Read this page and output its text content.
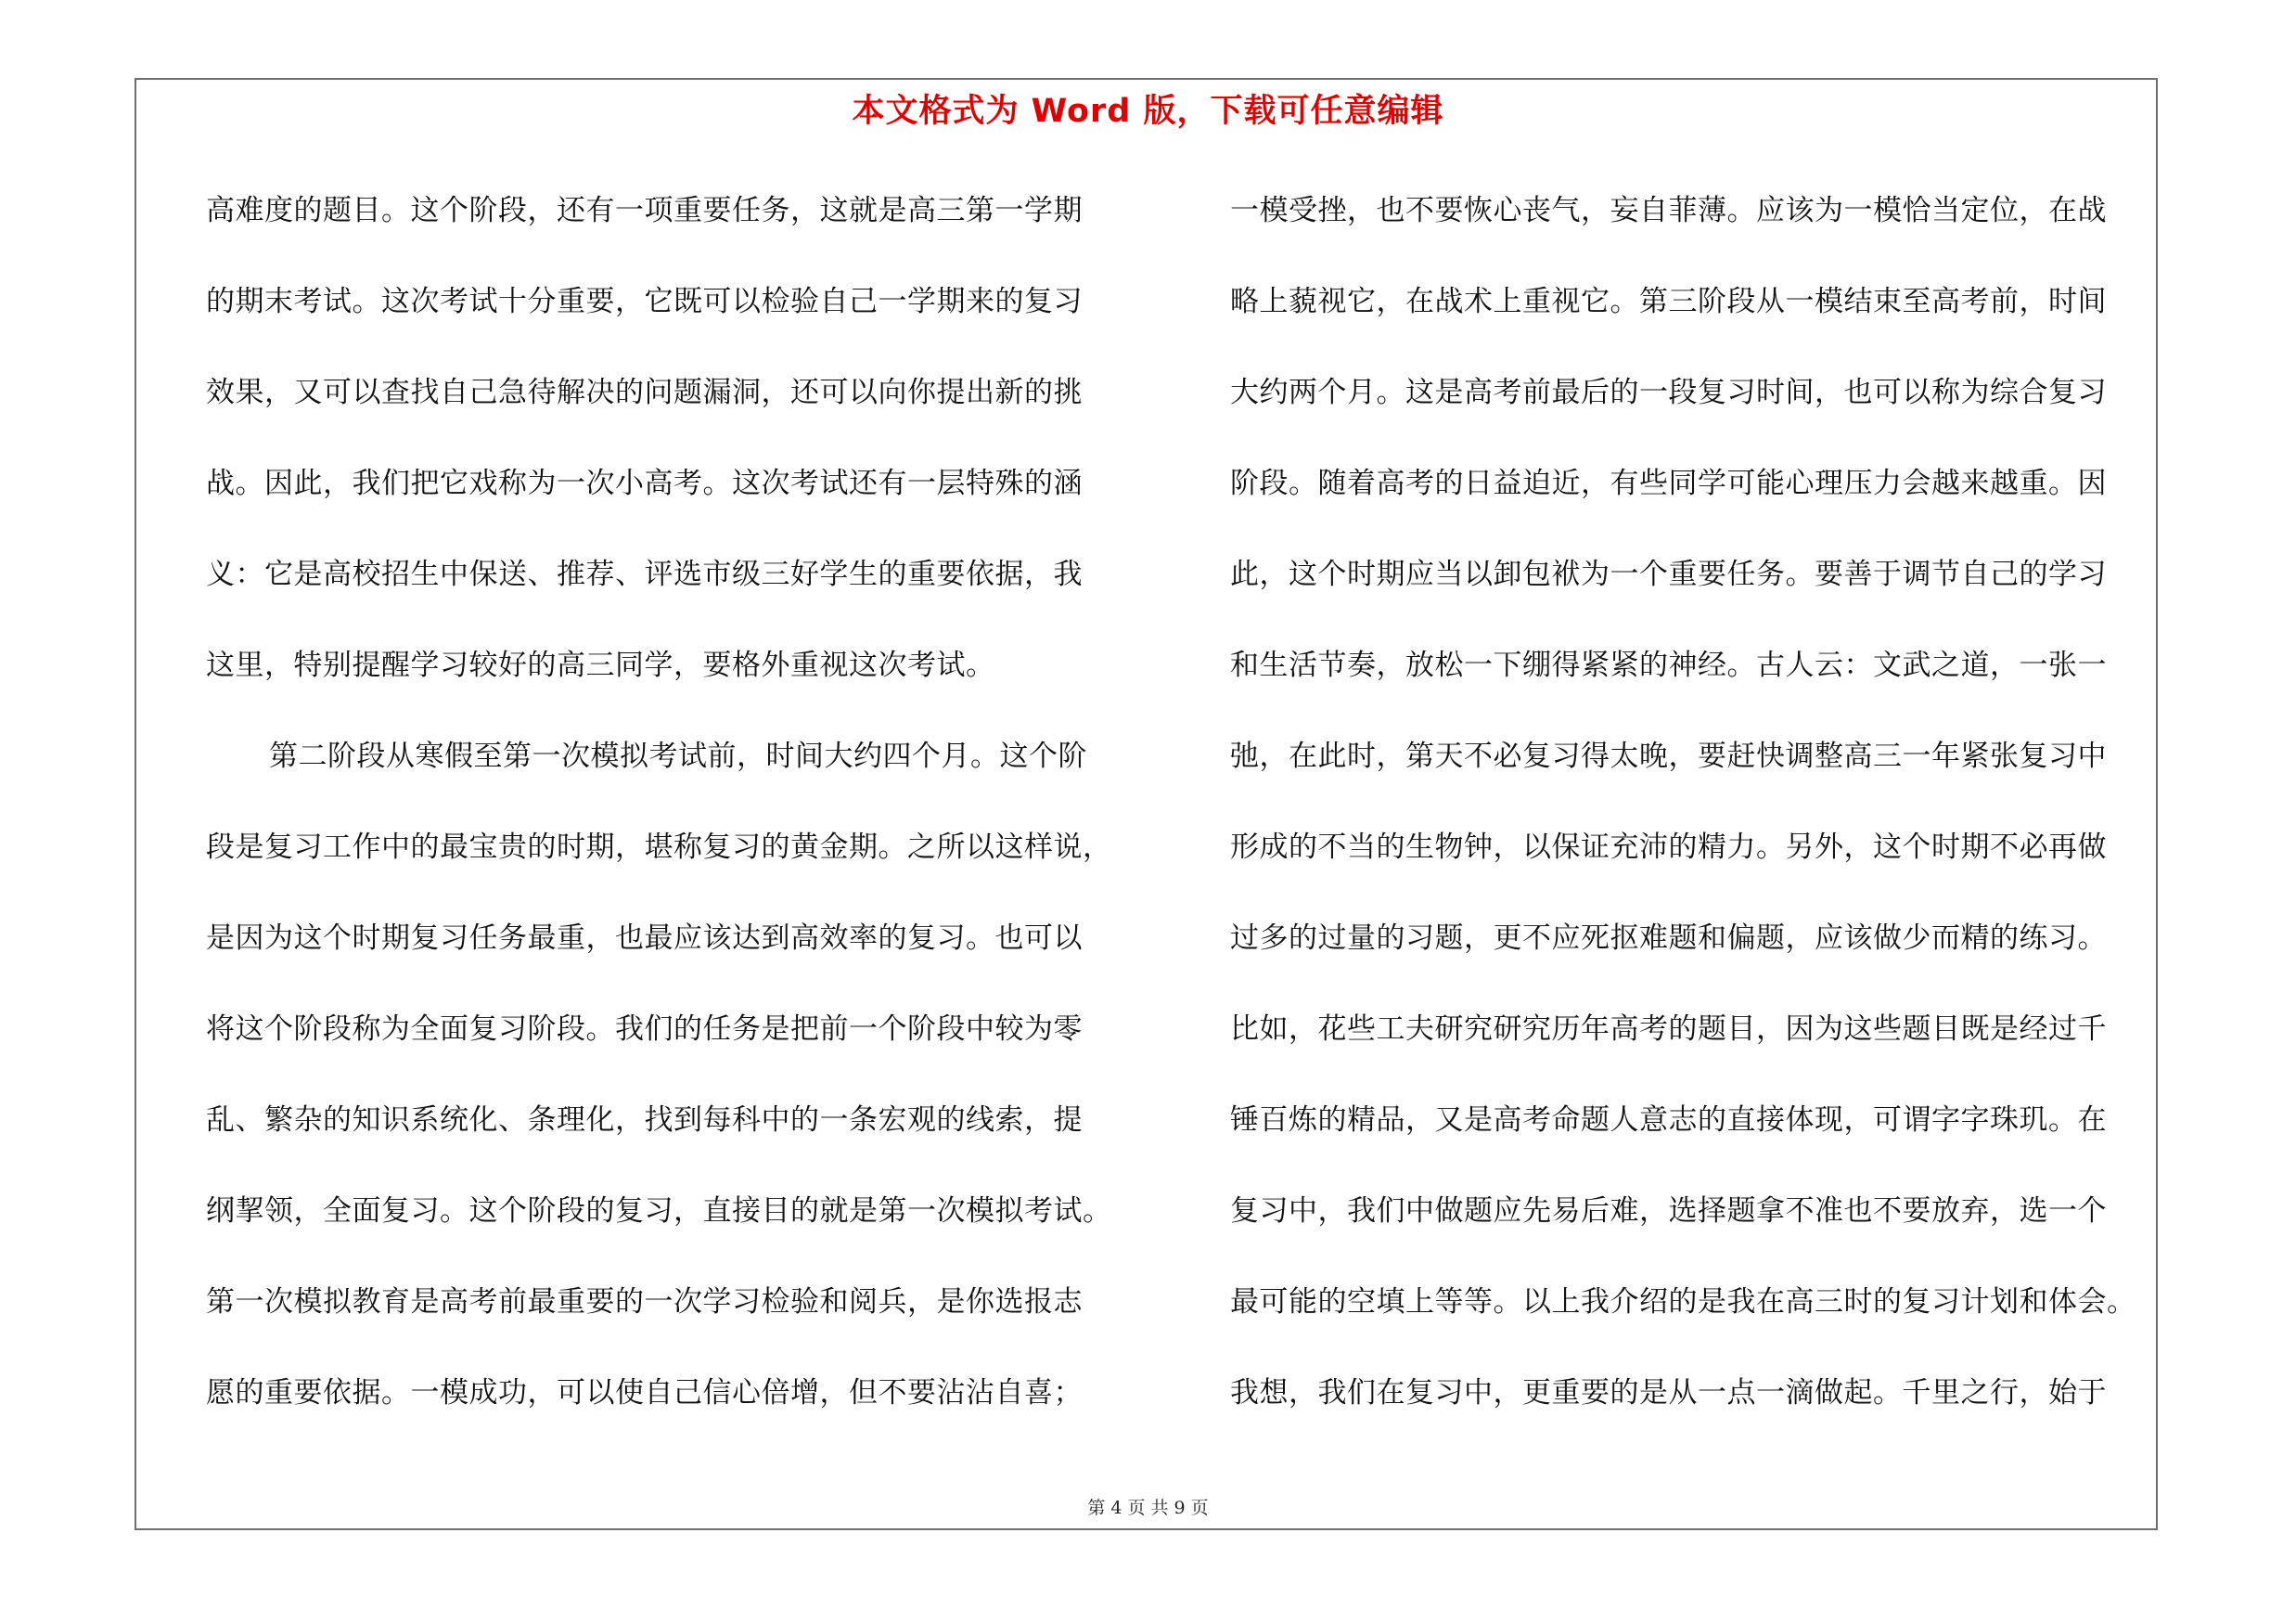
本文格式为 Word 版，下载可任意编辑
高难度的题目。这个阶段，还有一项重要任务，这就是高三第一学期
的期末考试。这次考试十分重要，它既可以检验自己一学期来的复习
效果，又可以查找自己急待解决的问题漏洞，还可以向你提出新的挑
战。因此，我们把它戏称为一次小高考。这次考试还有一层特殊的涵
义：它是高校招生中保送、推荐、评选市级三好学生的重要依据，我
这里，特别提醒学习较好的高三同学，要格外重视这次考试。
第二阶段从寒假至第一次模拟考试前，时间大约四个月。这个阶
段是复习工作中的最宝贵的时期，堪称复习的黄金期。之所以这样说，
是因为这个时期复习任务最重，也最应该达到高效率的复习。也可以
将这个阶段称为全面复习阶段。我们的任务是把前一个阶段中较为零
乱、繁杂的知识系统化、条理化，找到每科中的一条宏观的线索，提
纲挈领，全面复习。这个阶段的复习，直接目的就是第一次模拟考试。
第一次模拟教育是高考前最重要的一次学习检验和阅兵，是你选报志
愿的重要依据。一模成功，可以使自己信心倍增，但不要沾沾自喜；
一模受挫，也不要恢心丧气，妄自菲薄。应该为一模恰当定位，在战
略上藐视它，在战术上重视它。第三阶段从一模结束至高考前，时间
大约两个月。这是高考前最后的一段复习时间，也可以称为综合复习
阶段。随着高考的日益迫近，有些同学可能心理压力会越来越重。因
此，这个时期应当以卸包袱为一个重要任务。要善于调节自己的学习
和生活节奏，放松一下绷得紧紧的神经。古人云：文武之道，一张一
弛，在此时，第天不必复习得太晚，要赶快调整高三一年紧张复习中
形成的不当的生物钟，以保证充沛的精力。另外，这个时期不必再做
过多的过量的习题，更不应死抠难题和偏题，应该做少而精的练习。
比如，花些工夫研究研究历年高考的题目，因为这些题目既是经过千
锤百炼的精品，又是高考命题人意志的直接体现，可谓字字珠玑。在
复习中，我们中做题应先易后难，选择题拿不准也不要放弃，选一个
最可能的空填上等等。以上我介绍的是我在高三时的复习计划和体会。
我想，我们在复习中，更重要的是从一点一滴做起。千里之行，始于
第 4 页 共 9 页
